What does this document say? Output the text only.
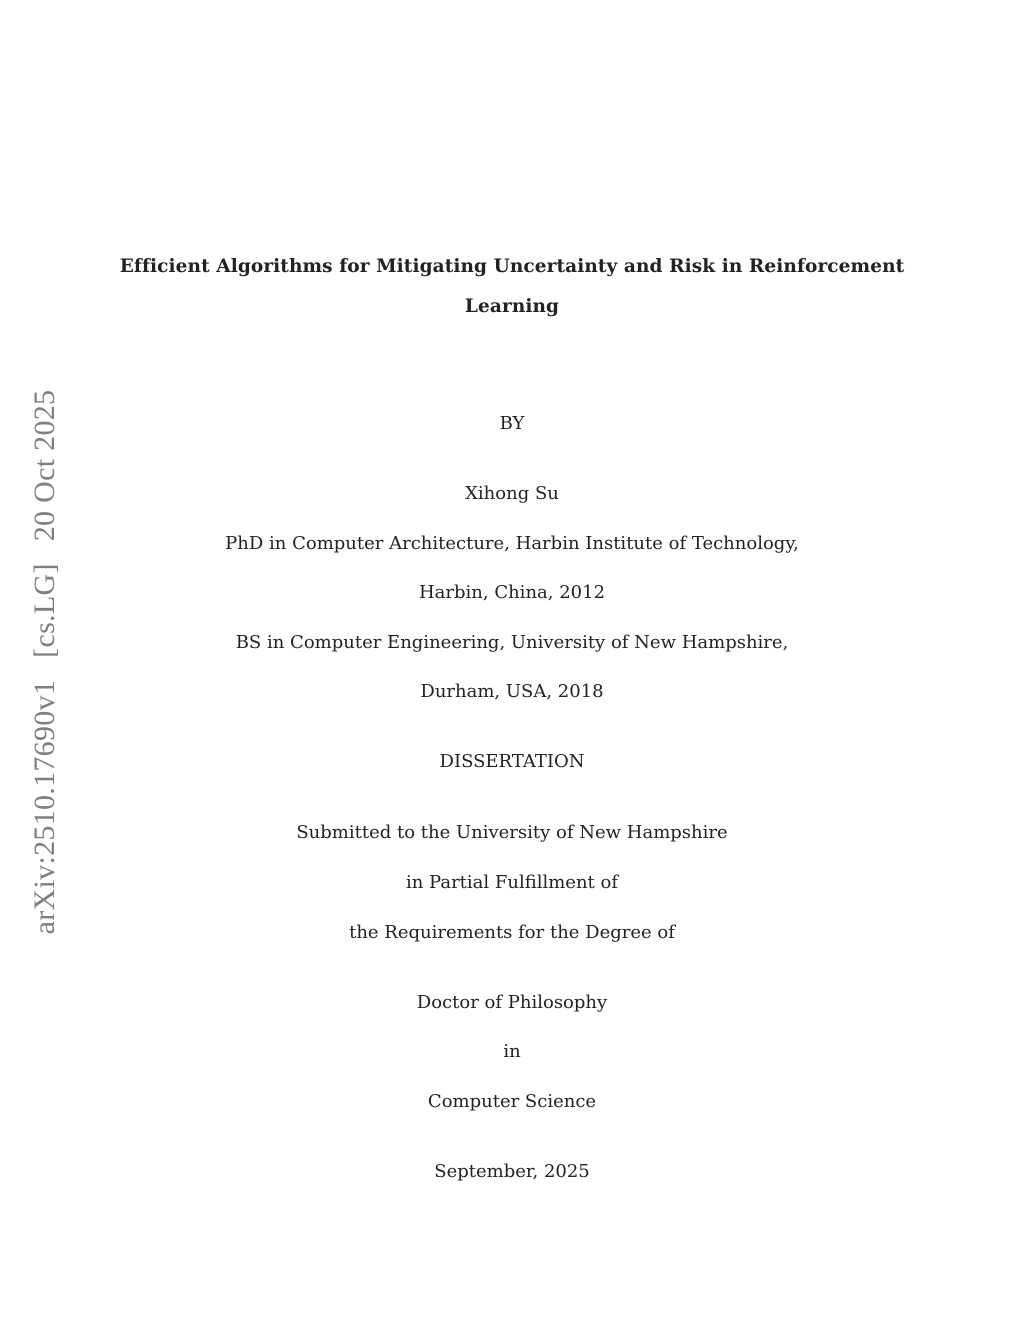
arXiv:2510.17690v1[cs.LG]20 Oct 2025

Efficient Algorithms for Mitigating Uncertainty and Risk in Reinforcement

Learning

BY

Xihong Su

PhD in Computer Architecture, Harbin Institute of Technology,

Harbin, China, 2012

BS in Computer Engineering, University of New Hampshire,

Durham, USA, 2018

DISSERTATION

Submitted to the University of New Hampshire

in Partial Fulfillment of

the Requirements for the Degree of

Doctor of Philosophy

in

Computer Science

September, 2025
